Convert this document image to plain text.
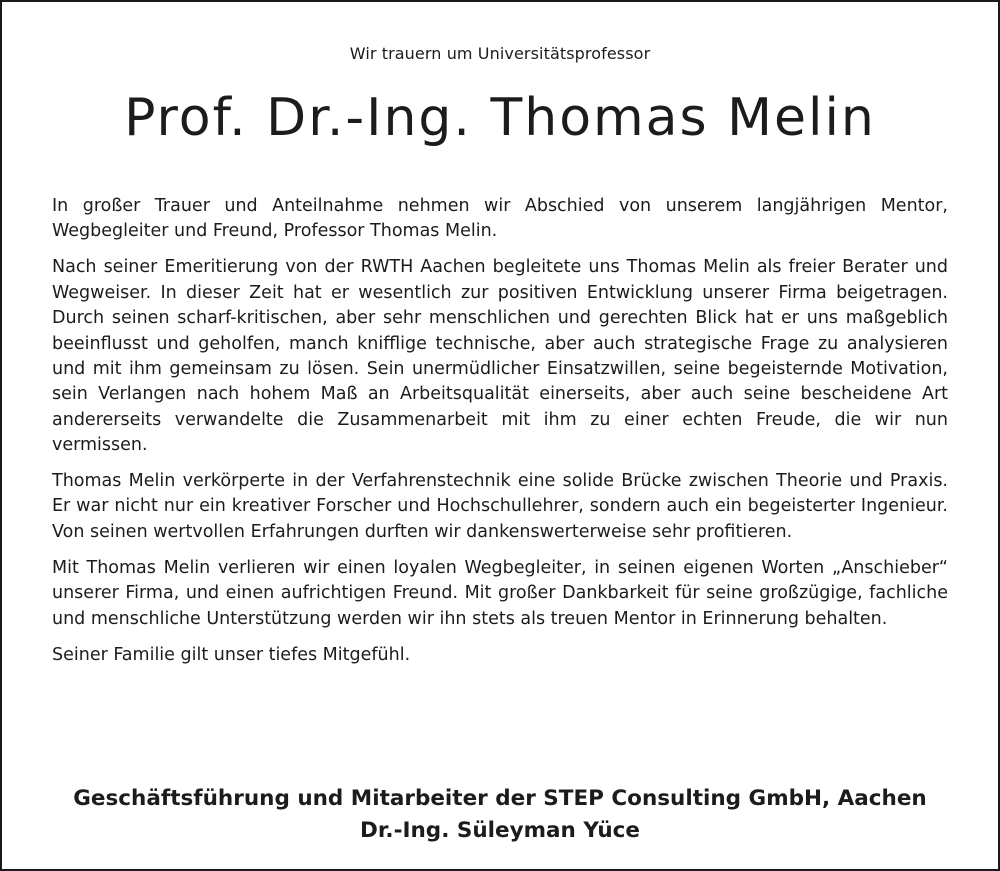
Wir trauern um Universitätsprofessor
Prof. Dr.-Ing. Thomas Melin

In großer Trauer und Anteilnahme nehmen wir Abschied von unserem langjährigen Mentor, Wegbegleiter und Freund, Professor Thomas Melin.

Nach seiner Emeritierung von der RWTH Aachen begleitete uns Thomas Melin als freier Berater und Wegweiser. In dieser Zeit hat er wesentlich zur positiven Entwicklung unserer Firma beigetragen. Durch seinen scharf-kritischen, aber sehr menschlichen und gerechten Blick hat er uns maßgeblich beeinflusst und geholfen, manch knifflige technische, aber auch strategische Frage zu analysieren und mit ihm gemeinsam zu lösen. Sein unermüdlicher Einsatzwillen, seine begeisternde Motivation, sein Verlangen nach hohem Maß an Arbeitsqualität einerseits, aber auch seine bescheidene Art andererseits verwandelte die Zusammenarbeit mit ihm zu einer echten Freude, die wir nun vermissen.

Thomas Melin verkörperte in der Verfahrenstechnik eine solide Brücke zwischen Theorie und Praxis. Er war nicht nur ein kreativer Forscher und Hochschullehrer, sondern auch ein begeisterter Ingenieur. Von seinen wertvollen Erfahrungen durften wir dankenswerterweise sehr profitieren.

Mit Thomas Melin verlieren wir einen loyalen Wegbegleiter, in seinen eigenen Worten „Anschieber“ unserer Firma, und einen aufrichtigen Freund. Mit großer Dankbarkeit für seine großzügige, fachliche und menschliche Unterstützung werden wir ihn stets als treuen Mentor in Erinnerung behalten.

Seiner Familie gilt unser tiefes Mitgefühl.

Geschäftsführung und Mitarbeiter der STEP Consulting GmbH, Aachen
Dr.-Ing. Süleyman Yüce
